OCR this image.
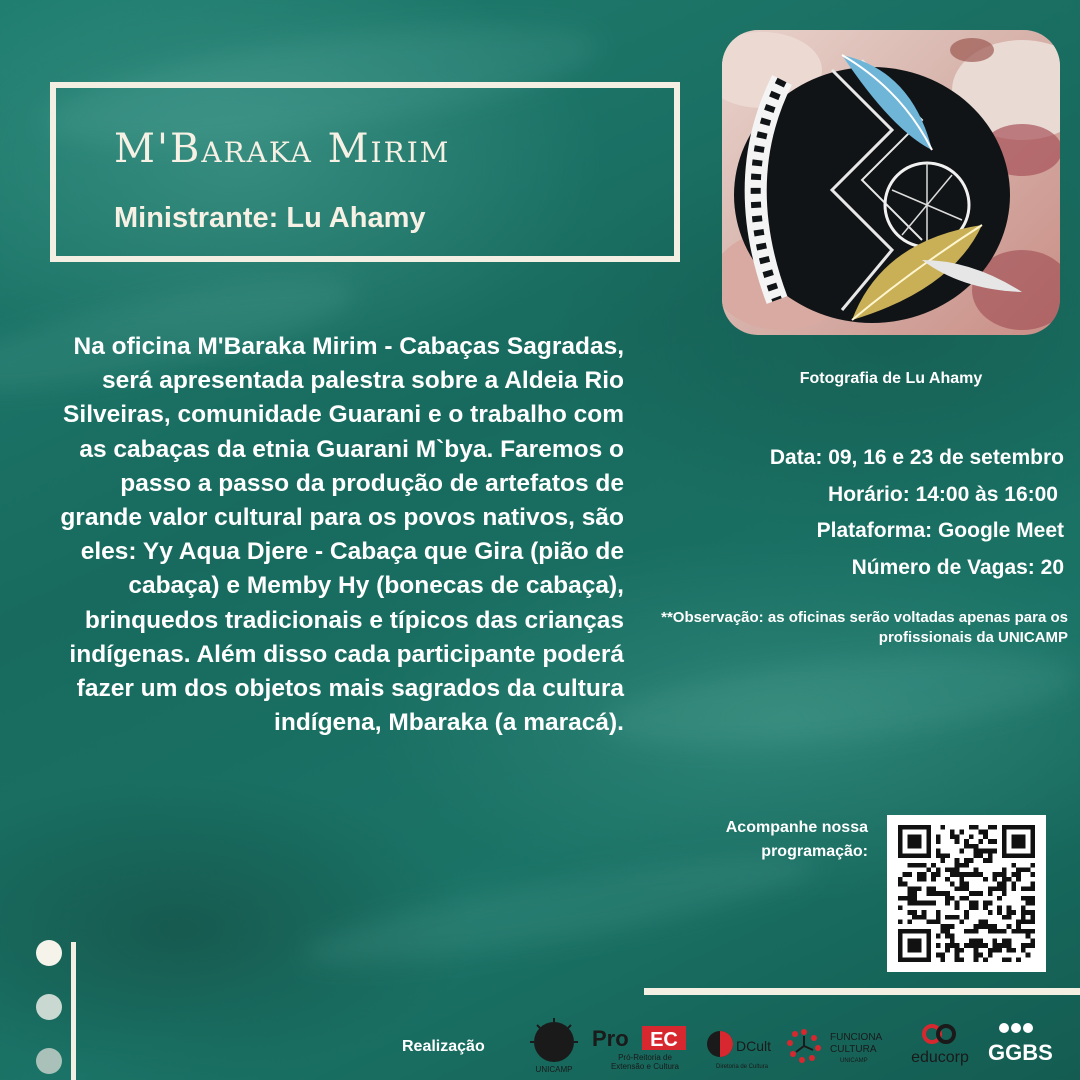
M'Baraka Mirim
Ministrante: Lu Ahamy
Fotografia de Lu Ahamy
Na oficina M'Baraka Mirim - Cabaças Sagradas, será apresentada palestra sobre a Aldeia Rio Silveiras, comunidade Guarani e o trabalho com as cabaças da etnia Guarani M`bya. Faremos o passo a passo da produção de artefatos de grande valor cultural para os povos nativos, são eles: Yy Aqua Djere - Cabaça que Gira (pião de cabaça) e Memby Hy (bonecas de cabaça), brinquedos tradicionais e típicos das crianças indígenas. Além disso cada participante poderá fazer um dos objetos mais sagrados da cultura indígena, Mbaraka (a maracá).
Data: 09, 16 e 23 de setembro
Horário: 14:00 às 16:00
Plataforma: Google Meet
Número de Vagas: 20
**Observação: as oficinas serão voltadas apenas para os profissionais da UNICAMP
Acompanhe nossa programação:
Realização
UNICAMP
Pro EC
Pró-Reitoria de
Extensão e Cultura
DCult
Diretoria de Cultura
FUNCIONA
CULTURA
UNICAMP	educorp GGBS
